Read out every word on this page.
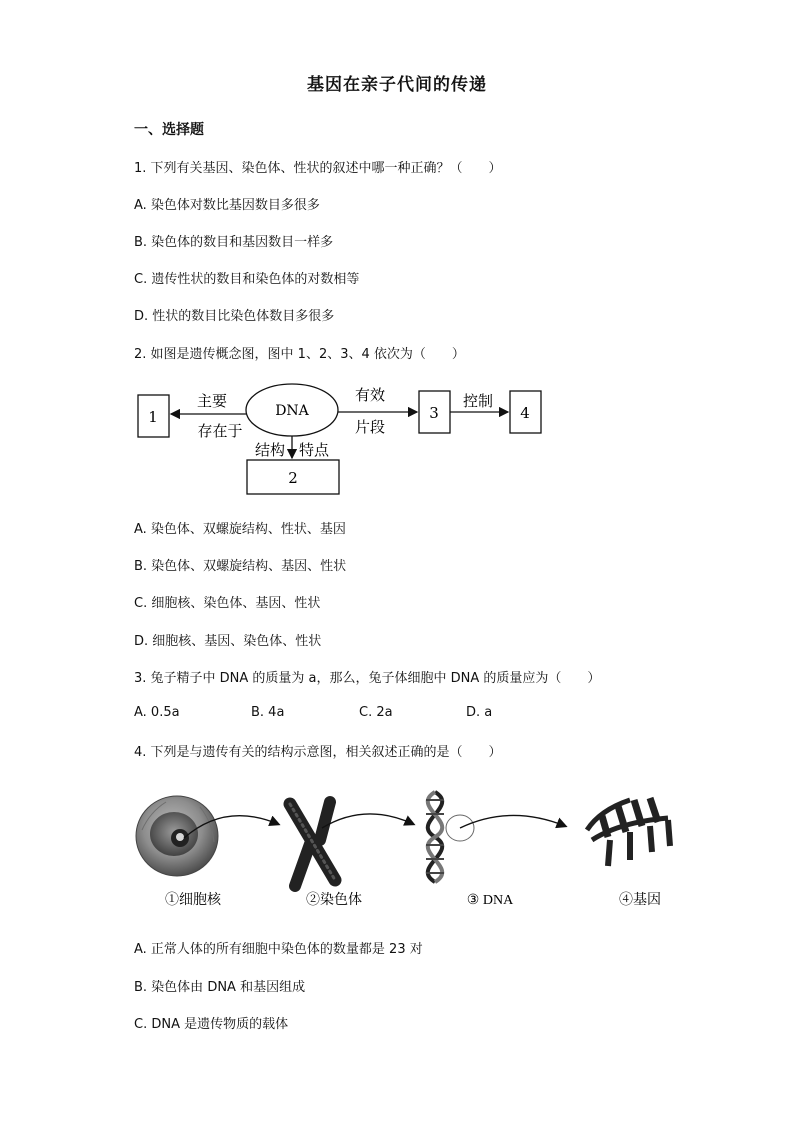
基因在亲子代间的传递
一、选择题
1. 下列有关基因、染色体、性状的叙述中哪一种正确？（　　）
A. 染色体对数比基因数目多很多
B. 染色体的数目和基因数目一样多
C. 遗传性状的数目和染色体的对数相等
D. 性状的数目比染色体数目多很多
2. 如图是遗传概念图，图中 1、2、3、4 依次为（　　）
1	DNA
主要
存在于
有效
片段
3
控制
4
结构 特点
2
A. 染色体、双螺旋结构、性状、基因
B. 染色体、双螺旋结构、基因、性状
C. 细胞核、染色体、基因、性状
D. 细胞核、基因、染色体、性状
3. 兔子精子中 DNA 的质量为 a，那么，兔子体细胞中 DNA 的质量应为（　　）
A. 0.5a	B. 4a	C. 2a	D. a
4. 下列是与遗传有关的结构示意图，相关叙述正确的是（　　）
①细胞核	②染色体	③ DNA	④基因
A. 正常人体的所有细胞中染色体的数量都是 23 对
B. 染色体由 DNA 和基因组成
C. DNA 是遗传物质的载体
